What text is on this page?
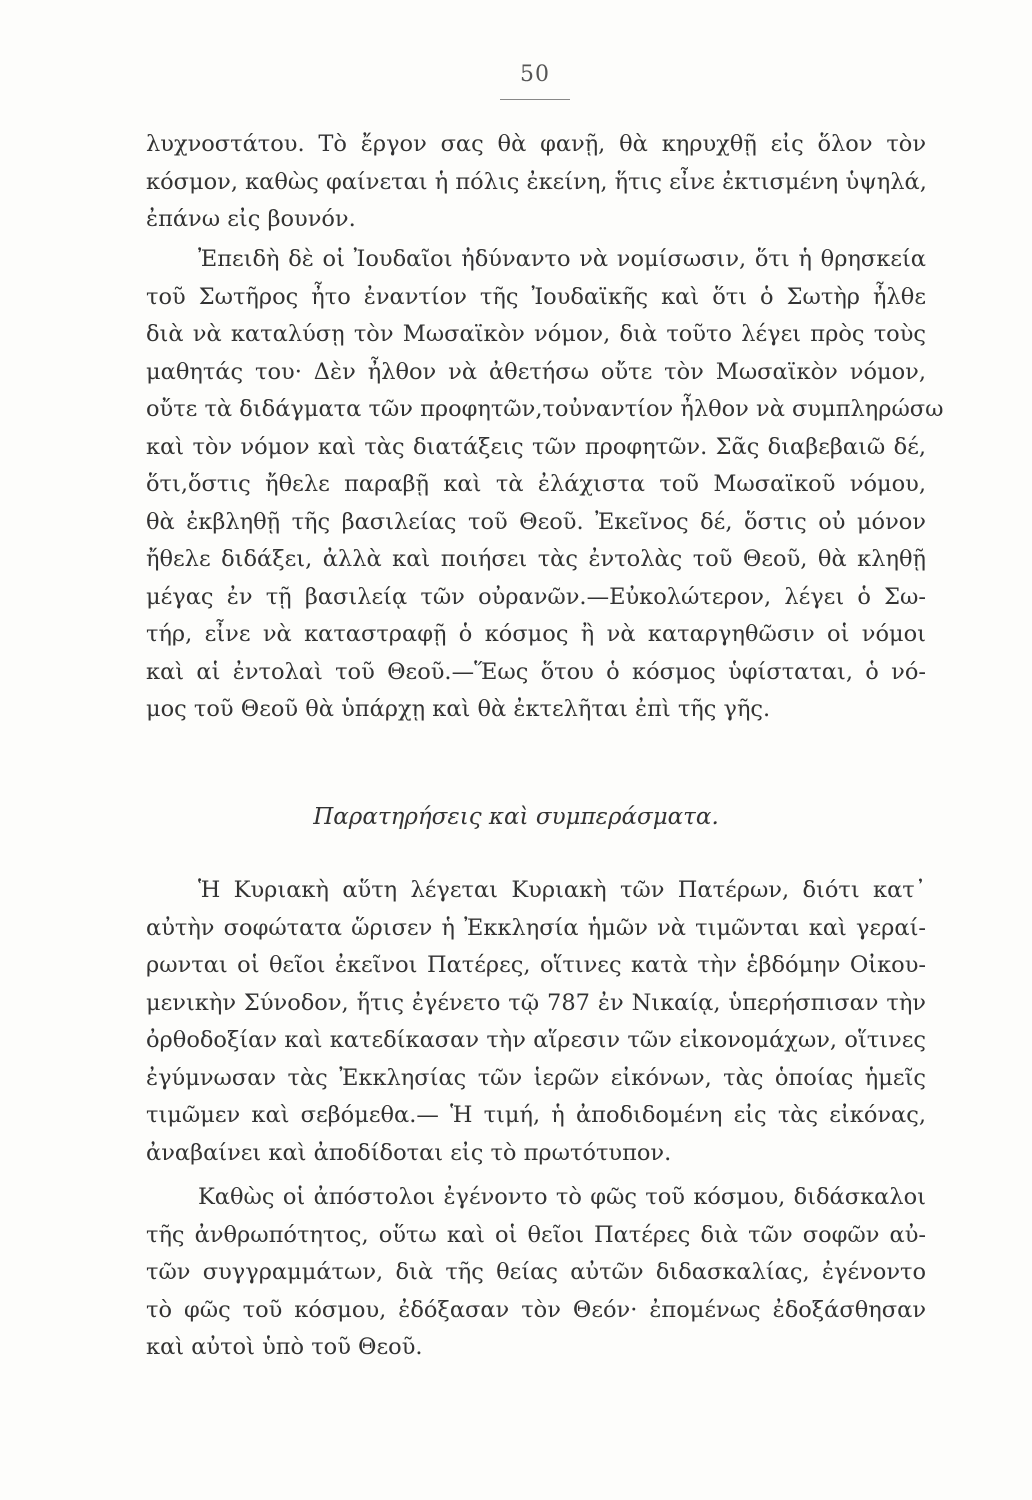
50
λυχνοστάτου. Τὸ ἔργον σας θὰ φανῇ, θὰ κηρυχθῇ εἰς ὅλον τὸν
κόσμον, καθὼς φαίνεται ἡ πόλις ἐκείνη, ἥτις εἶνε ἐκτισμένη ὑψηλά,
ἐπάνω εἰς βουνόν.
Ἐπειδὴ δὲ οἱ Ἰουδαῖοι ἠδύναντο νὰ νομίσωσιν, ὅτι ἡ θρησκεία
τοῦ Σωτῆρος ἦτο ἐναντίον τῆς Ἰουδαϊκῆς καὶ ὅτι ὁ Σωτὴρ ἦλθε
διὰ νὰ καταλύσῃ τὸν Μωσαϊκὸν νόμον, διὰ τοῦτο λέγει πρὸς τοὺς
μαθητάς του· Δὲν ἦλθον νὰ ἀθετήσω οὔτε τὸν Μωσαϊκὸν νόμον,
οὔτε τὰ διδάγματα τῶν προφητῶν,τοὐναντίον ἦλθον νὰ συμπληρώσω
καὶ τὸν νόμον καὶ τὰς διατάξεις τῶν προφητῶν. Σᾶς διαβεβαιῶ δέ,
ὅτι,ὅστις ἤθελε παραβῇ καὶ τὰ ἐλάχιστα τοῦ Μωσαϊκοῦ νόμου,
θὰ ἐκβληθῇ τῆς βασιλείας τοῦ Θεοῦ. Ἐκεῖνος δέ, ὅστις οὐ μόνον
ἤθελε διδάξει, ἀλλὰ καὶ ποιήσει τὰς ἐντολὰς τοῦ Θεοῦ, θὰ κληθῇ
μέγας ἐν τῇ βασιλείᾳ τῶν οὐρανῶν.—Εὐκολώτερον, λέγει ὁ Σω-
τήρ, εἶνε νὰ καταστραφῇ ὁ κόσμος ἢ νὰ καταργηθῶσιν οἱ νόμοι
καὶ αἱ ἐντολαὶ τοῦ Θεοῦ.—Ἕως ὅτου ὁ κόσμος ὑφίσταται, ὁ νό-
μος τοῦ Θεοῦ θὰ ὑπάρχῃ καὶ θὰ ἐκτελῆται ἐπὶ τῆς γῆς.
Παρατηρήσεις καὶ συμπεράσματα.
Ἡ Κυριακὴ αὕτη λέγεται Κυριακὴ τῶν Πατέρων, διότι κατ᾿
αὐτὴν σοφώτατα ὥρισεν ἡ Ἐκκλησία ἡμῶν νὰ τιμῶνται καὶ γεραί-
ρωνται οἱ θεῖοι ἐκεῖνοι Πατέρες, οἵτινες κατὰ τὴν ἑβδόμην Οἰκου-
μενικὴν Σύνοδον, ἥτις ἐγένετο τῷ 787 ἐν Νικαίᾳ, ὑπερήσπισαν τὴν
ὀρθοδοξίαν καὶ κατεδίκασαν τὴν αἵρεσιν τῶν εἰκονομάχων, οἵτινες
ἐγύμνωσαν τὰς Ἐκκλησίας τῶν ἱερῶν εἰκόνων, τὰς ὁποίας ἡμεῖς
τιμῶμεν καὶ σεβόμεθα.— Ἡ τιμή, ἡ ἀποδιδομένη εἰς τὰς εἰκόνας,
ἀναβαίνει καὶ ἀποδίδοται εἰς τὸ πρωτότυπον.
Καθὼς οἱ ἀπόστολοι ἐγένοντο τὸ φῶς τοῦ κόσμου, διδάσκαλοι
τῆς ἀνθρωπότητος, οὕτω καὶ οἱ θεῖοι Πατέρες διὰ τῶν σοφῶν αὐ-
τῶν συγγραμμάτων, διὰ τῆς θείας αὐτῶν διδασκαλίας, ἐγένοντο
τὸ φῶς τοῦ κόσμου, ἐδόξασαν τὸν Θεόν· ἐπομένως ἐδοξάσθησαν
καὶ αὐτοὶ ὑπὸ τοῦ Θεοῦ.
